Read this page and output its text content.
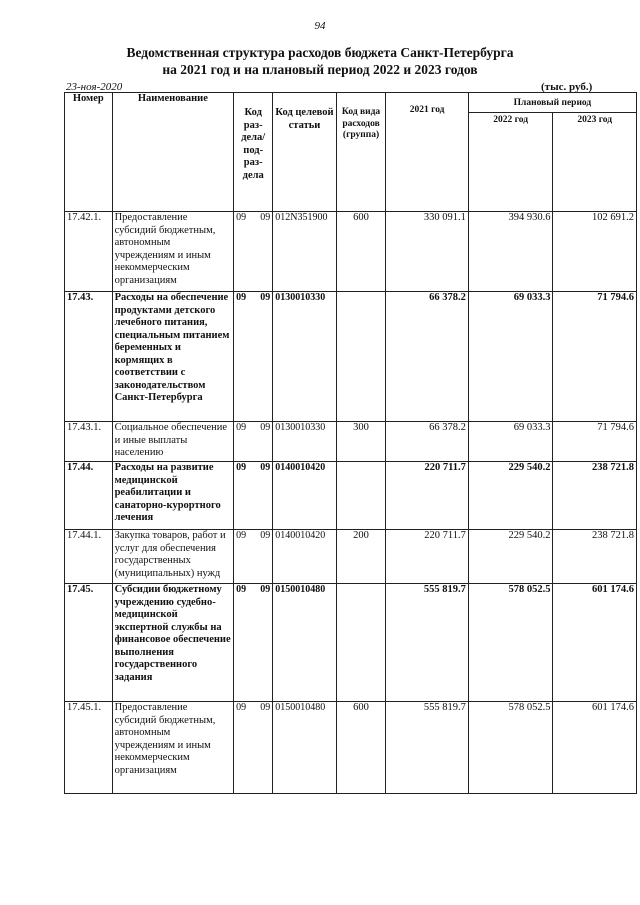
94
Ведомственная структура расходов бюджета Санкт-Петербурга
на 2021 год и на плановый период 2022 и 2023 годов
23-ноя-2020	(тыс. руб.)
Номер	Наименование	Код раз- дела/ под- раз- дела	Код целевой статьи	Код вида расходов (группа)	2021 год	Плановый период	
						2022 год	2023 год
17.42.1.	Предоставление субсидий бюджетным, автономным учреждениям и иным некоммерческим организациям	09 09	012N351900	600	330 091.1	394 930.6	102 691.2
17.43.	Расходы на обеспечение продуктами детского лечебного питания, специальным питанием беременных и кормящих в соответствии с законодательством Санкт-Петербурга	09 09	0130010330		66 378.2	69 033.3	71 794.6
17.43.1.	Социальное обеспечение и иные выплаты населению	09 09	0130010330	300	66 378.2	69 033.3	71 794.6
17.44.	Расходы на развитие медицинской реабилитации и санаторно-курортного лечения	09 09	0140010420		220 711.7	229 540.2	238 721.8
17.44.1.	Закупка товаров, работ и услуг для обеспечения государственных (муниципальных) нужд	09 09	0140010420	200	220 711.7	229 540.2	238 721.8
17.45.	Субсидии бюджетному учреждению судебно-медицинской экспертной службы на финансовое обеспечение выполнения государственного задания	09 09	0150010480		555 819.7	578 052.5	601 174.6
17.45.1.	Предоставление субсидий бюджетным, автономным учреждениям и иным некоммерческим организациям	09 09	0150010480	600	555 819.7	578 052.5	601 174.6
